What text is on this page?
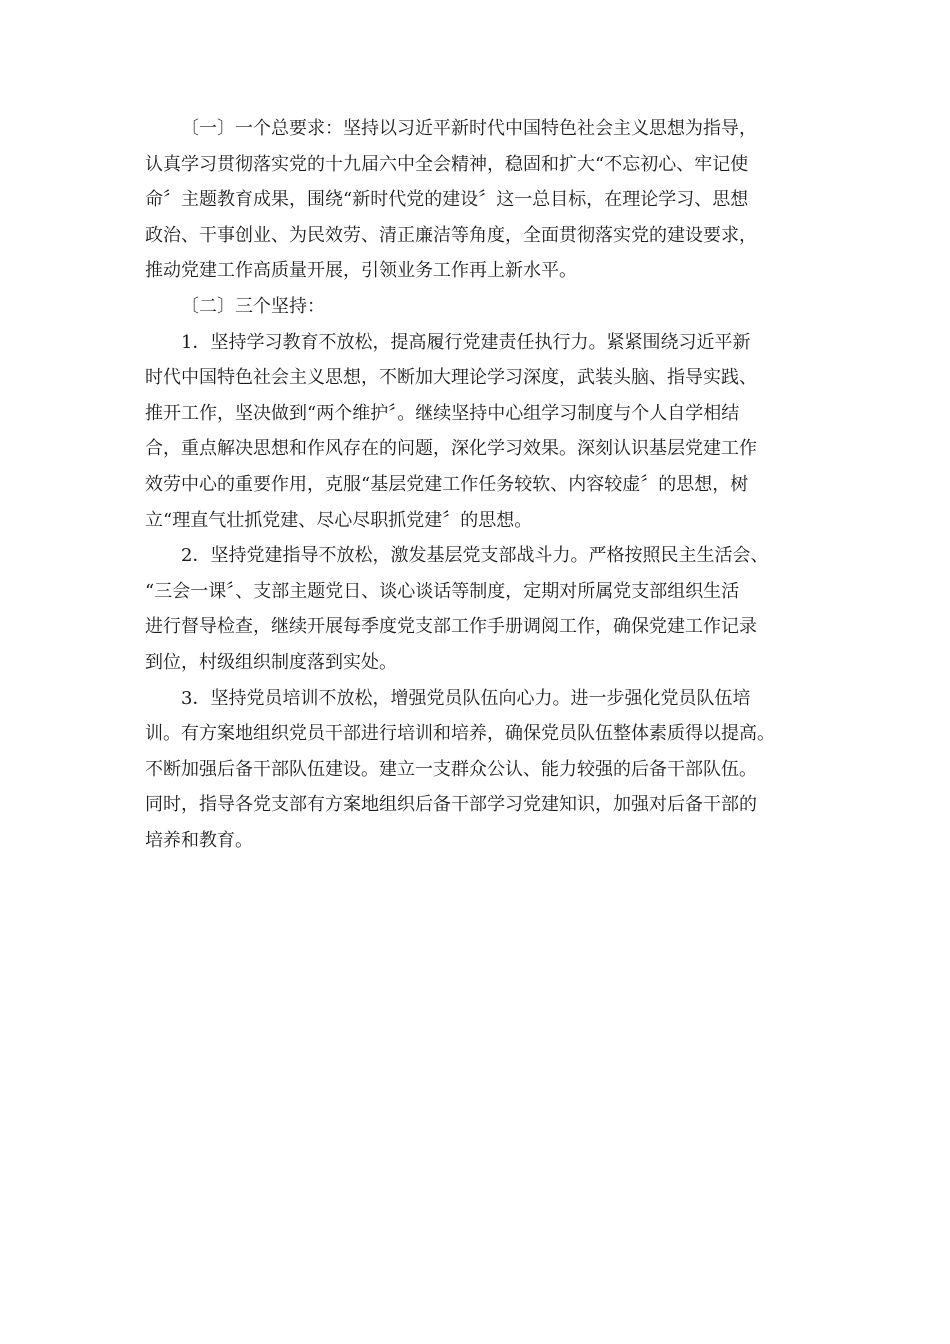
〔一〕一个总要求：坚持以习近平新时代中国特色社会主义思想为指导，
认真学习贯彻落实党的十九届六中全会精神，稳固和扩大“不忘初心、牢记使
命〞主题教育成果，围绕“新时代党的建设〞这一总目标，在理论学习、思想
政治、干事创业、为民效劳、清正廉洁等角度，全面贯彻落实党的建设要求，
推动党建工作高质量开展，引领业务工作再上新水平。
〔二〕三个坚持：
1．坚持学习教育不放松，提高履行党建责任执行力。紧紧围绕习近平新
时代中国特色社会主义思想，不断加大理论学习深度，武装头脑、指导实践、
推开工作，坚决做到“两个维护〞。继续坚持中心组学习制度与个人自学相结
合，重点解决思想和作风存在的问题，深化学习效果。深刻认识基层党建工作
效劳中心的重要作用，克服“基层党建工作任务较软、内容较虚〞的思想，树
立“理直气壮抓党建、尽心尽职抓党建〞的思想。
2．坚持党建指导不放松，激发基层党支部战斗力。严格按照民主生活会、
“三会一课〞、支部主题党日、谈心谈话等制度，定期对所属党支部组织生活
进行督导检查，继续开展每季度党支部工作手册调阅工作，确保党建工作记录
到位，村级组织制度落到实处。
3．坚持党员培训不放松，增强党员队伍向心力。进一步强化党员队伍培
训。有方案地组织党员干部进行培训和培养，确保党员队伍整体素质得以提高。
不断加强后备干部队伍建设。建立一支群众公认、能力较强的后备干部队伍。
同时，指导各党支部有方案地组织后备干部学习党建知识，加强对后备干部的
培养和教育。
